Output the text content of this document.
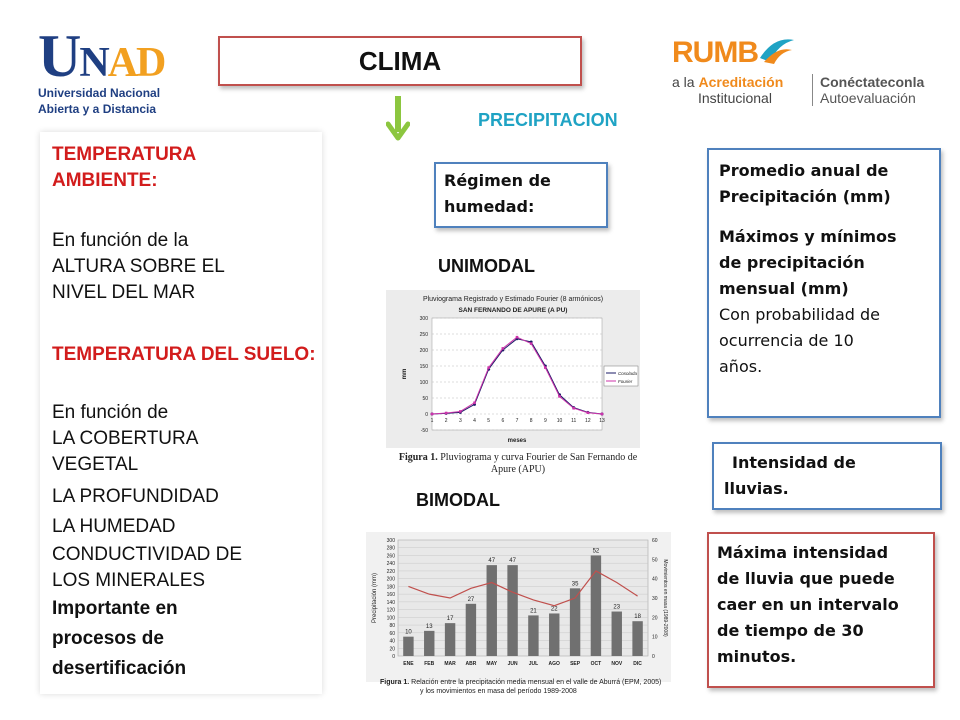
UNAD
Universidad Nacional
Abierta y a Distancia
RUMB
a la Acreditación
Institucional
Conéctateconla
Autoevaluación
CLIMA
PRECIPITACION
TEMPERATURA AMBIENTE:
En función de la
ALTURA SOBRE EL
NIVEL DEL MAR
TEMPERATURA DEL SUELO:
En función de
LA COBERTURA
VEGETAL
LA PROFUNDIDAD
LA HUMEDAD
CONDUCTIVIDAD DE
LOS MINERALES
Importante en
procesos de
desertificación
Régimen de
humedad:
UNIMODAL
BIMODAL
Promedio anual de
Precipitación (mm)
Máximos y mínimos
de precipitación
mensual (mm)
Con probabilidad de
ocurrencia de 10
años.
Intensidad de
lluvias.
Máxima intensidad
de lluvia que puede
caer en un intervalo
de tiempo de 30
minutos.
Pluviograma Registrado y Estimado Fourier (8 armónicos)
SAN FERNANDO DE APURE (A PU)
-50
0
50
100
150
200
250
300
1 2 3 4 5 6 7 8 9 10 11 12 13
meses
mm	Cosolada
Fourier
Figura 1. Pluviograma y curva Fourier de San Fernando de Apure (APU)
0
20
40
60
80
100
120
140
160
180
200
220
240
260
280
300
0
10
20
30
40
50
60
10
ENE
13
FEB
17
MAR
27
ABR
47
MAY
47
JUN
21
JUL
22
AGO
35
SEP
52
OCT
23
NOV
18
DIC
Precipitación (mm)	Movimientos en masa (1989-2008)
Figura 1. Relación entre la precipitación media mensual en el valle de Aburrá (EPM, 2005)
y los movimientos en masa del período 1989-2008
